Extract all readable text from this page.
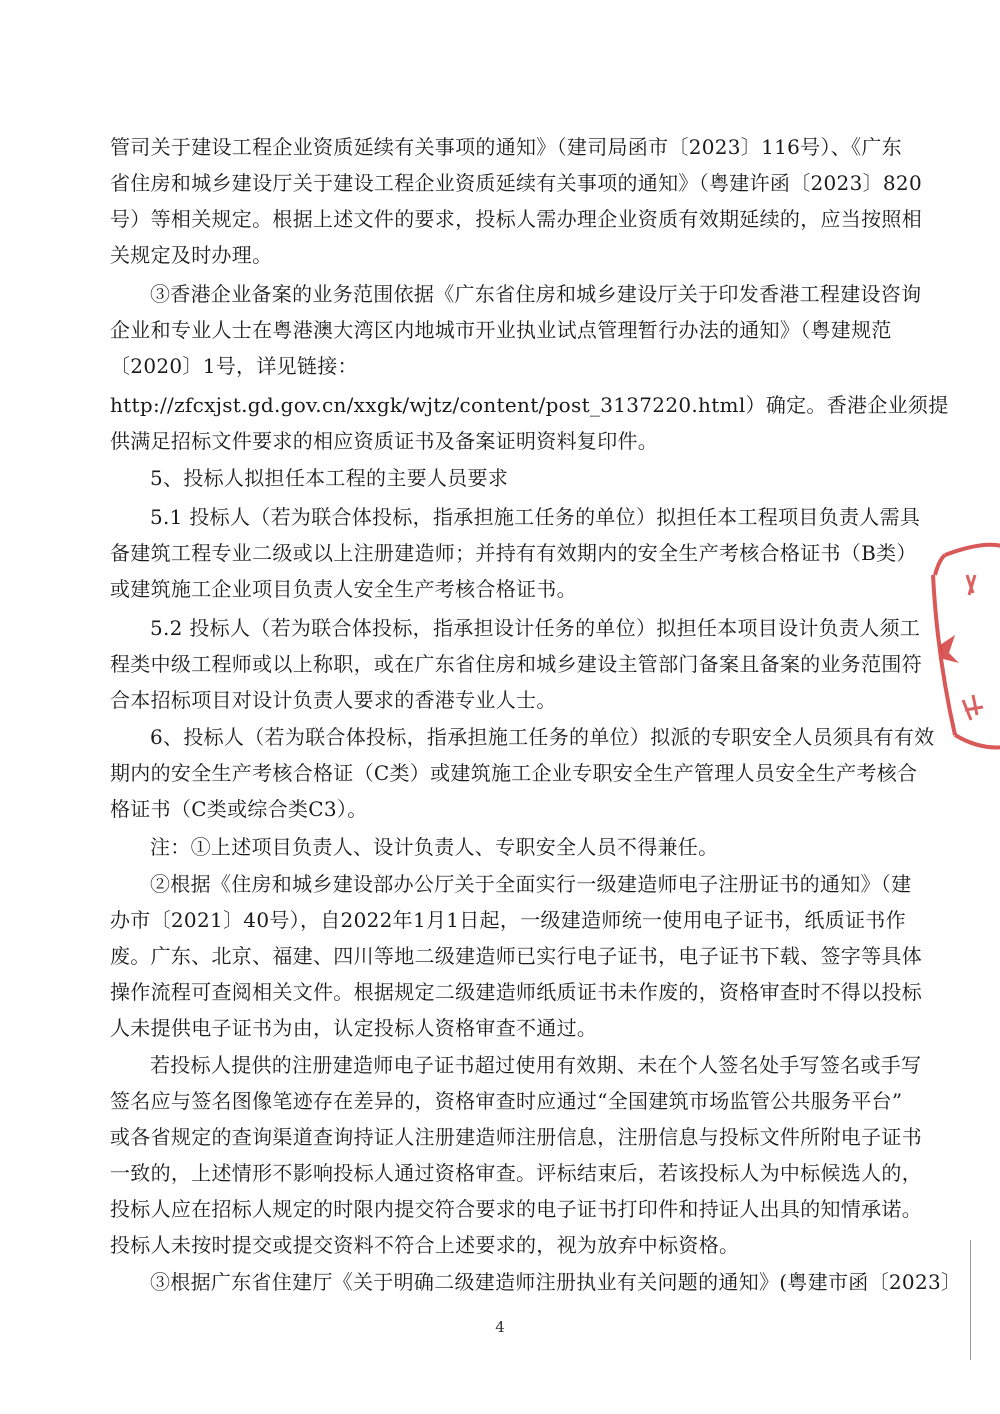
管司关于建设工程企业资质延续有关事项的通知》（建司局函市〔2023〕116号）、《广东
省住房和城乡建设厅关于建设工程企业资质延续有关事项的通知》（粤建许函〔2023〕820
号）等相关规定。根据上述文件的要求，投标人需办理企业资质有效期延续的，应当按照相
关规定及时办理。
③香港企业备案的业务范围依据《广东省住房和城乡建设厅关于印发香港工程建设咨询
企业和专业人士在粤港澳大湾区内地城市开业执业试点管理暂行办法的通知》（粤建规范
〔2020〕1号，详见链接：
http://zfcxjst.gd.gov.cn/xxgk/wjtz/content/post_3137220.html）确定。香港企业须提
供满足招标文件要求的相应资质证书及备案证明资料复印件。
5、投标人拟担任本工程的主要人员要求
5.1 投标人（若为联合体投标，指承担施工任务的单位）拟担任本工程项目负责人需具
备建筑工程专业二级或以上注册建造师；并持有有效期内的安全生产考核合格证书（B类）
或建筑施工企业项目负责人安全生产考核合格证书。
5.2 投标人（若为联合体投标，指承担设计任务的单位）拟担任本项目设计负责人须工
程类中级工程师或以上称职，或在广东省住房和城乡建设主管部门备案且备案的业务范围符
合本招标项目对设计负责人要求的香港专业人士。
6、投标人（若为联合体投标，指承担施工任务的单位）拟派的专职安全人员须具有有效
期内的安全生产考核合格证（C类）或建筑施工企业专职安全生产管理人员安全生产考核合
格证书（C类或综合类C3）。
注：①上述项目负责人、设计负责人、专职安全人员不得兼任。
②根据《住房和城乡建设部办公厅关于全面实行一级建造师电子注册证书的通知》（建
办市〔2021〕40号），自2022年1月1日起，一级建造师统一使用电子证书，纸质证书作
废。广东、北京、福建、四川等地二级建造师已实行电子证书，电子证书下载、签字等具体
操作流程可查阅相关文件。根据规定二级建造师纸质证书未作废的，资格审查时不得以投标
人未提供电子证书为由，认定投标人资格审查不通过。
若投标人提供的注册建造师电子证书超过使用有效期、未在个人签名处手写签名或手写
签名应与签名图像笔迹存在差异的，资格审查时应通过“全国建筑市场监管公共服务平台”
或各省规定的查询渠道查询持证人注册建造师注册信息，注册信息与投标文件所附电子证书
一致的，上述情形不影响投标人通过资格审查。评标结束后，若该投标人为中标候选人的，
投标人应在招标人规定的时限内提交符合要求的电子证书打印件和持证人出具的知情承诺。
投标人未按时提交或提交资料不符合上述要求的，视为放弃中标资格。
③根据广东省住建厅《关于明确二级建造师注册执业有关问题的通知》(粤建市函〔2023〕
4
